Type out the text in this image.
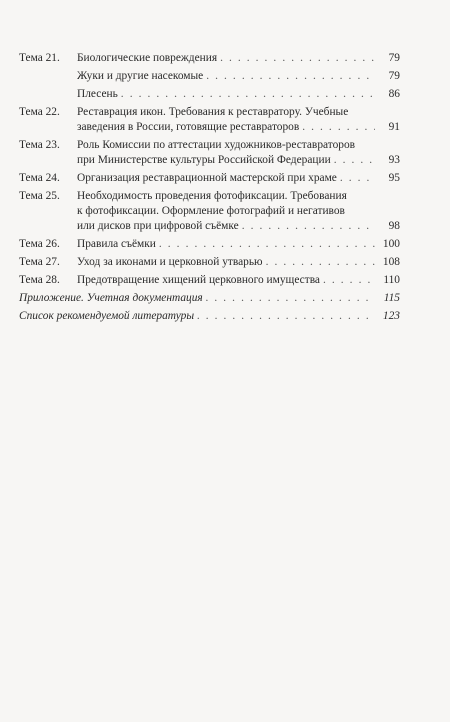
Тема 21.	Биологические повреждения . . .	79
Жуки и другие насекомые . . .	79
Плесень . . .	86
Тема 22.	Реставрация икон. Требования к реставратору. Учебные
заведения в России, готовящие реставраторов . . .	91
Тема 23.	Роль Комиссии по аттестации художников-реставраторов
при Министерстве культуры Российской Федерации . . .	93
Тема 24.	Организация реставрационной мастерской при храме . . .	95
Тема 25.	Необходимость проведения фотофиксации. Требования
к фотофиксации. Оформление фотографий и негативов
или дисков при цифровой съёмке . . .	98
Тема 26.	Правила съёмки . . .	100
Тема 27.	Уход за иконами и церковной утварью . . .	108
Тема 28.	Предотвращение хищений церковного имущества . . .	110
Приложение. Учетная документация . . .	115
Список рекомендуемой литературы . . .	123
